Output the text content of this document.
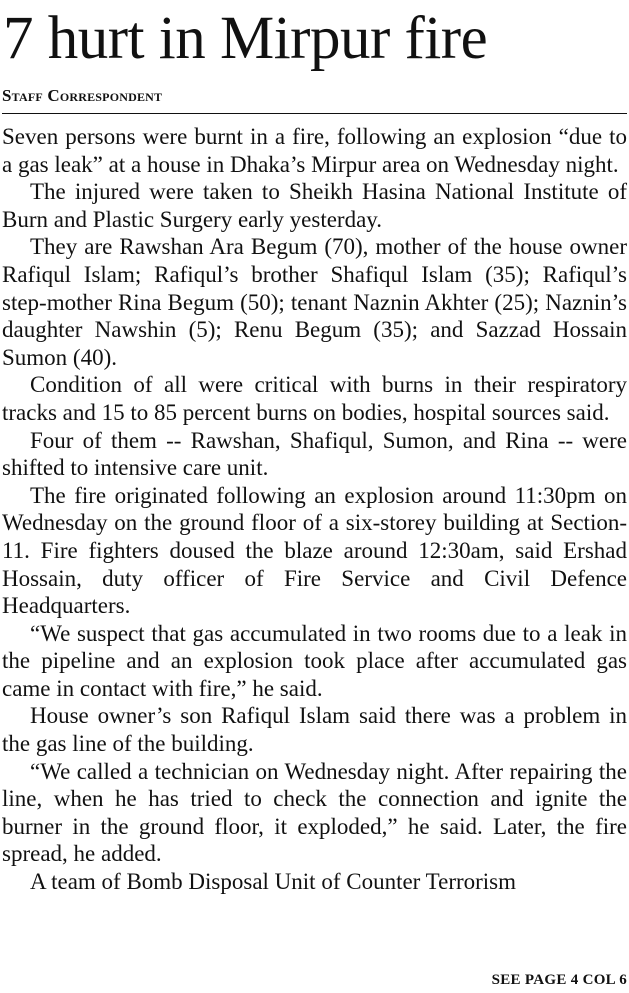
7 hurt in Mirpur fire
Staff Correspondent

Seven persons were burnt in a fire, following an explosion “due to a gas leak” at a house in Dhaka’s Mirpur area on Wednesday night.

The injured were taken to Sheikh Hasina National Institute of Burn and Plastic Surgery early yesterday.

They are Rawshan Ara Begum (70), mother of the house owner Rafiqul Islam; Rafiqul’s brother Shafiqul Islam (35); Rafiqul’s step-mother Rina Begum (50); tenant Naznin Akhter (25); Naznin’s daughter Nawshin (5); Renu Begum (35); and Sazzad Hossain Sumon (40).

Condition of all were critical with burns in their respiratory tracks and 15 to 85 percent burns on bodies, hospital sources said.

Four of them -- Rawshan, Shafiqul, Sumon, and Rina -- were shifted to intensive care unit.

The fire originated following an explosion around 11:30pm on Wednesday on the ground floor of a six-storey building at Section-11. Fire fighters doused the blaze around 12:30am, said Ershad Hossain, duty officer of Fire Service and Civil Defence Headquarters.

“We suspect that gas accumulated in two rooms due to a leak in the pipeline and an explosion took place after accumulated gas came in contact with fire,” he said.

House owner’s son Rafiqul Islam said there was a problem in the gas line of the building.

“We called a technician on Wednesday night. After repairing the line, when he has tried to check the connection and ignite the burner in the ground floor, it exploded,” he said. Later, the fire spread, he added.

A team of Bomb Disposal Unit of Counter Terrorism

SEE PAGE 4 COL 6
